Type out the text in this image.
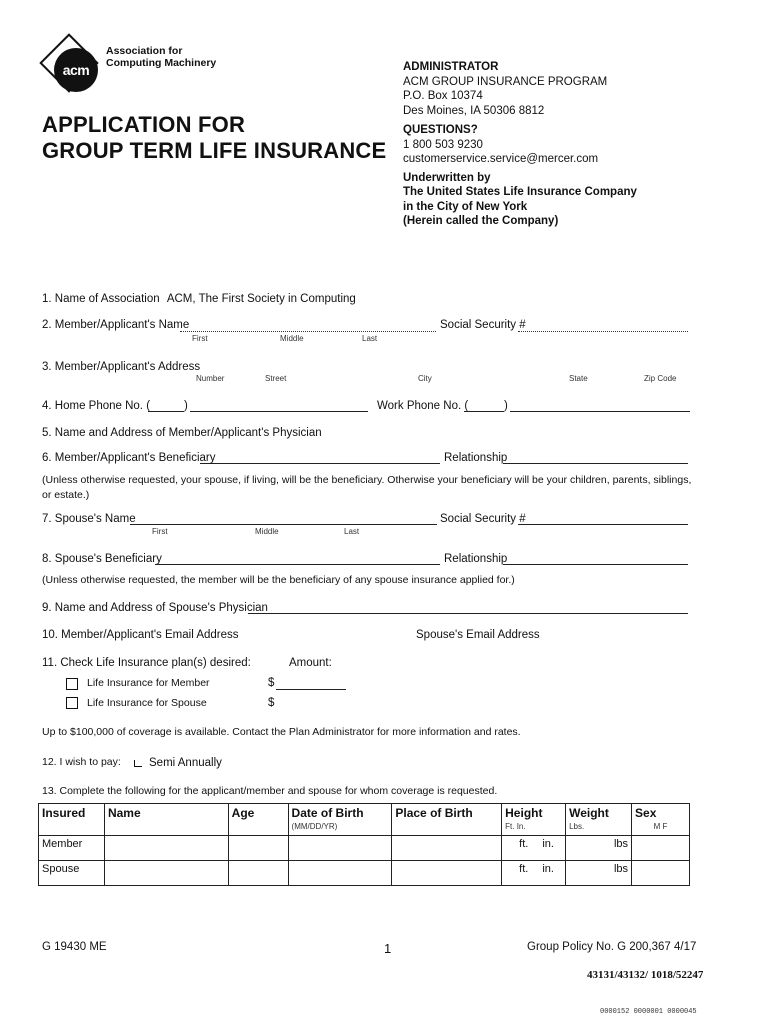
acm
Association for
Computing Machinery
APPLICATION FOR
GROUP TERM LIFE INSURANCE
ADMINISTRATOR
ACM GROUP INSURANCE PROGRAM
P.O. Box 10374
Des Moines, IA 50306 8812
QUESTIONS?
1 800 503 9230
customerservice.service@mercer.com
Underwritten by
The United States Life Insurance Company
in the City of New York
(Herein called the Company)
1. Name of Association ACM, The First Society in Computing
2. Member/Applicant's Name	Social Security #
First	Middle	Last
3. Member/Applicant's Address
Number	Street	City	State	Zip Code
4. Home Phone No. (	)	Work Phone No. (	)
5. Name and Address of Member/Applicant's Physician
6. Member/Applicant's Beneficiary	Relationship
(Unless otherwise requested, your spouse, if living, will be the beneficiary. Otherwise your beneficiary will be your children, parents, siblings,
or estate.)
7. Spouse's Name	Social Security #
First	Middle	Last
8. Spouse's Beneficiary	Relationship
(Unless otherwise requested, the member will be the beneficiary of any spouse insurance applied for.)
9. Name and Address of Spouse's Physician
10. Member/Applicant's Email Address	Spouse's Email Address
11. Check Life Insurance plan(s) desired:	Amount:
Life Insurance for Member	$
Life Insurance for Spouse	$
Up to $100,000 of coverage is available. Contact the Plan Administrator for more information and rates.
12. I wish to pay: Semi Annually
13. Complete the following for the applicant/member and spouse for whom coverage is requested.
Insured	Name	Age	Date of Birth	Place of Birth	Height	Weight	Sex
			(MM/DD/YR)		Ft. In.	Lbs.	M F
Member					ft. in.	lbs	
Spouse					ft. in.	lbs	
G 19430 ME	1	Group Policy No. G 200,367 4/17
43131/43132/ 1018/52247
0000152 0000001 0000045
